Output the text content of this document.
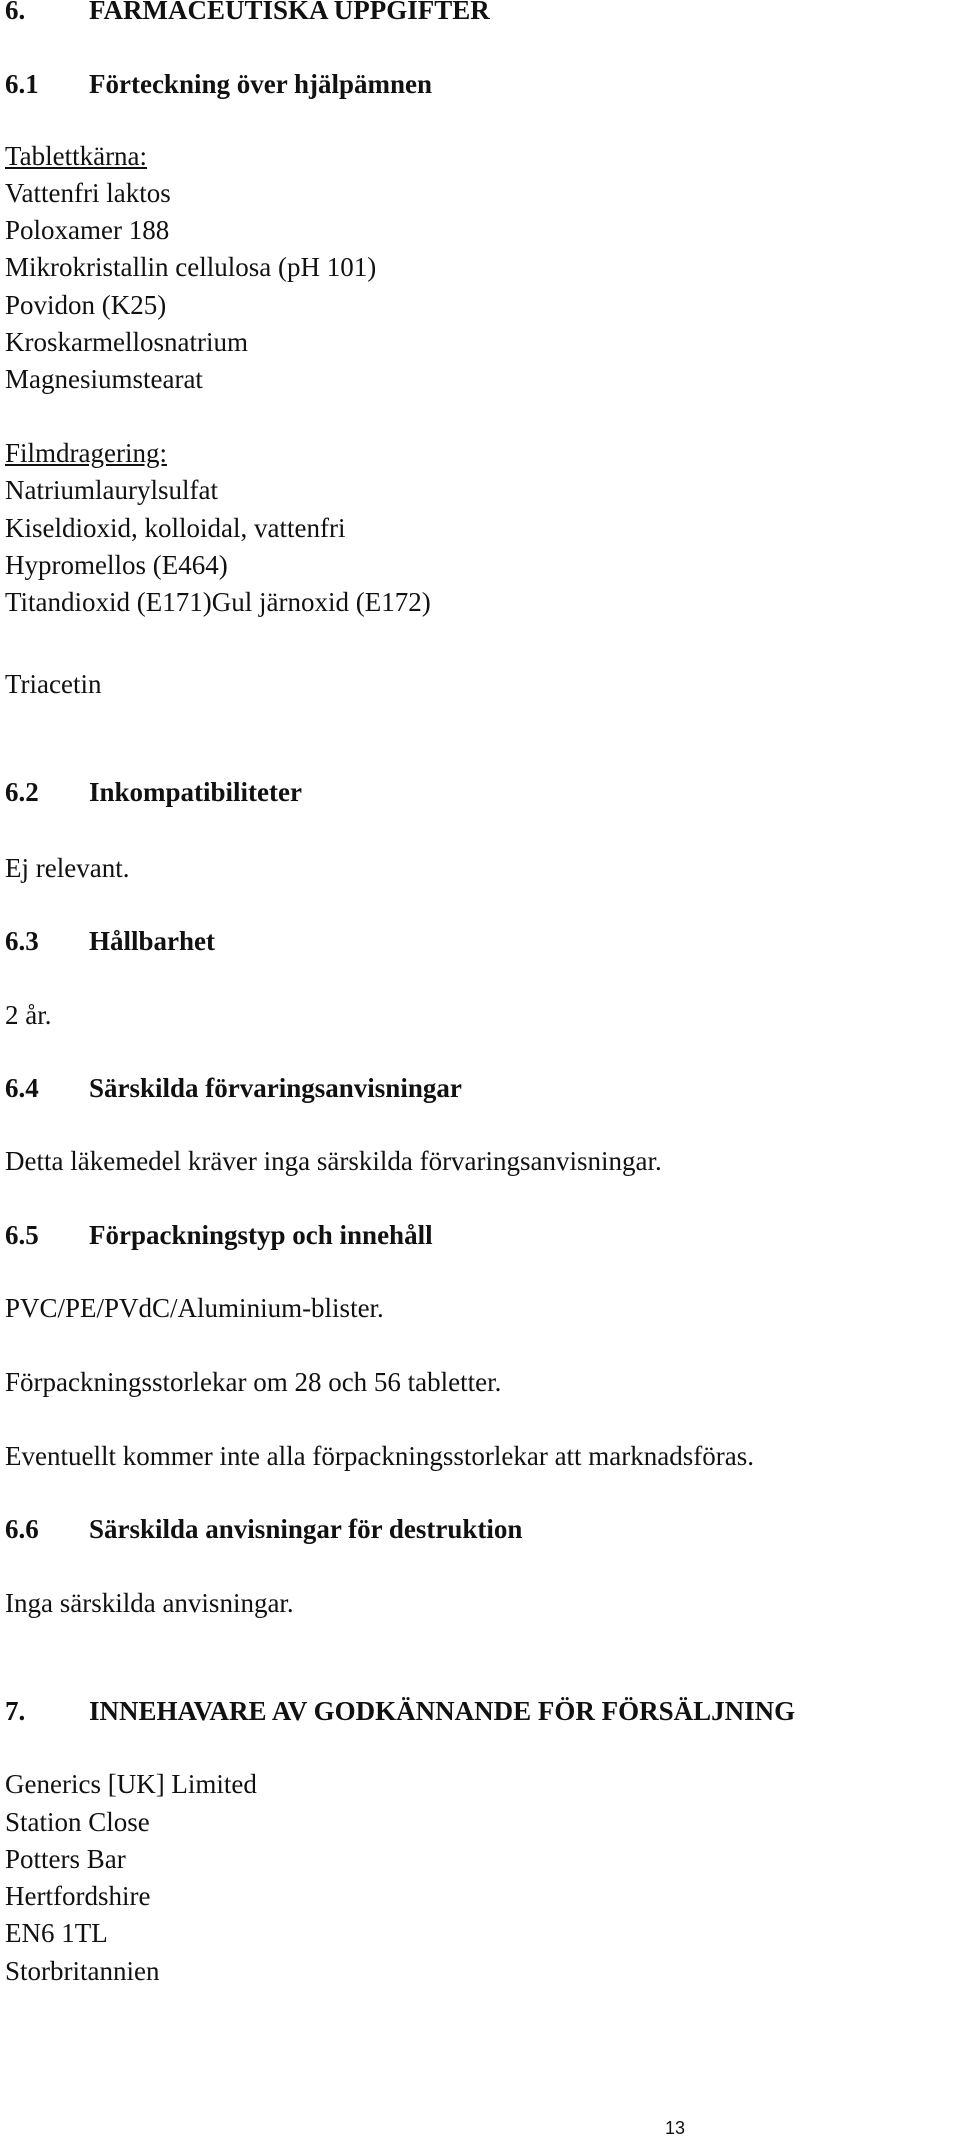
6. FARMACEUTISKA UPPGIFTER
6.1 Förteckning över hjälpämnen
Tablettkärna:
Vattenfri laktos
Poloxamer 188
Mikrokristallin cellulosa (pH 101)
Povidon (K25)
Kroskarmellosnatrium
Magnesiumstearat
Filmdragering:
Natriumlaurylsulfat
Kiseldioxid, kolloidal, vattenfri
Hypromellos (E464)
Titandioxid (E171)Gul järnoxid (E172)
Triacetin
6.2 Inkompatibiliteter
Ej relevant.
6.3 Hållbarhet
2 år.
6.4 Särskilda förvaringsanvisningar
Detta läkemedel kräver inga särskilda förvaringsanvisningar.
6.5 Förpackningstyp och innehåll
PVC/PE/PVdC/Aluminium-blister.
Förpackningsstorlekar om 28 och 56 tabletter.
Eventuellt kommer inte alla förpackningsstorlekar att marknadsföras.
6.6 Särskilda anvisningar för destruktion
Inga särskilda anvisningar.
7. INNEHAVARE AV GODKÄNNANDE FÖR FÖRSÄLJNING
Generics [UK] Limited
Station Close
Potters Bar
Hertfordshire
EN6 1TL
Storbritannien
13
